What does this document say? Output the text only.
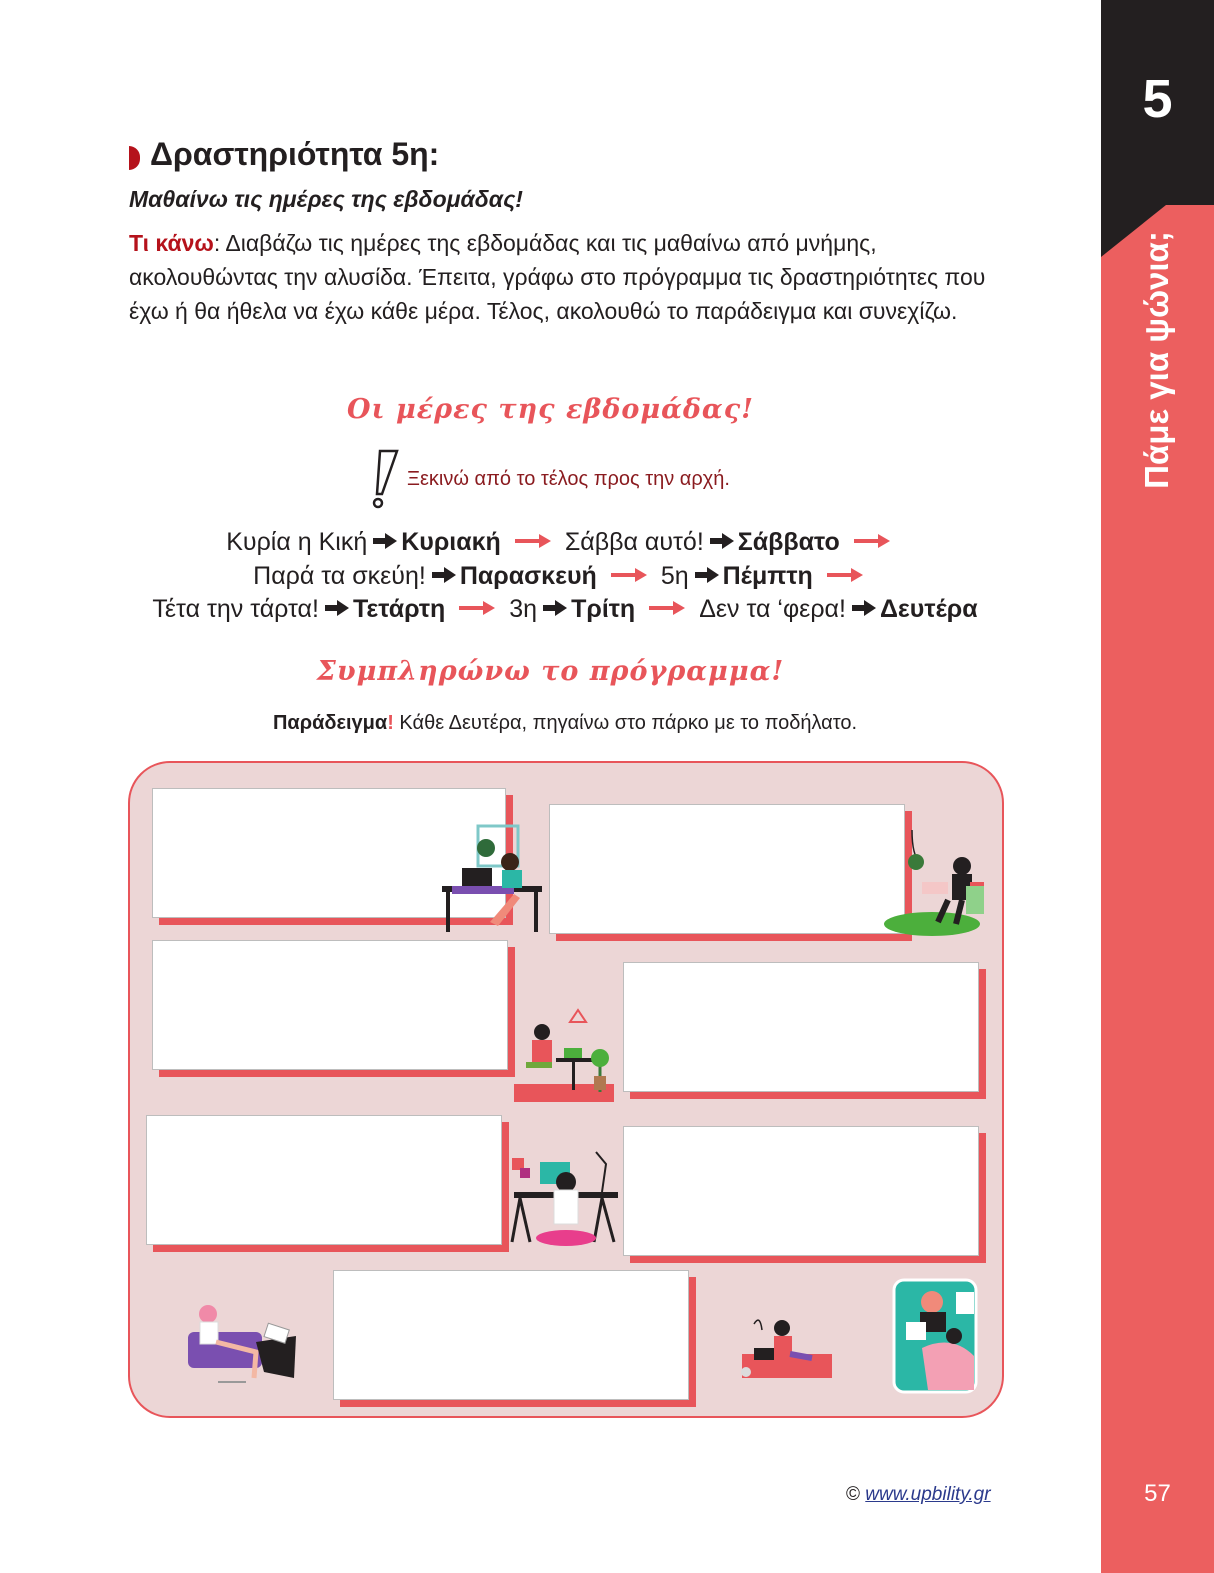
5
Πάμε για ψώνια;
57
Δραστηριότητα 5η:
Μαθαίνω τις ημέρες της εβδομάδας!
Τι κάνω: Διαβάζω τις ημέρες της εβδομάδας και τις μαθαίνω από μνήμης, ακολουθώντας την αλυσίδα. Έπειτα, γράφω στο πρόγραμμα τις δραστηριότητες που έχω ή θα ήθελα να έχω κάθε μέρα. Τέλος, ακολουθώ το παράδειγμα και συνεχίζω.
Οι μέρες της εβδομάδας!
Ξεκινώ από το τέλος προς την αρχή.
Κυρία η Κική Κυριακή	Σάββα αυτό! Σάββατο
Παρά τα σκεύη! Παρασκευή	5η Πέμπτη
Τέτα την τάρτα! Τετάρτη	3η Τρίτη	Δεν τα ‘φερα! Δευτέρα
Συμπληρώνω το πρόγραμμα!
Παράδειγμα! Κάθε Δευτέρα, πηγαίνω στο πάρκο με το ποδήλατο.
© www.upbility.gr
